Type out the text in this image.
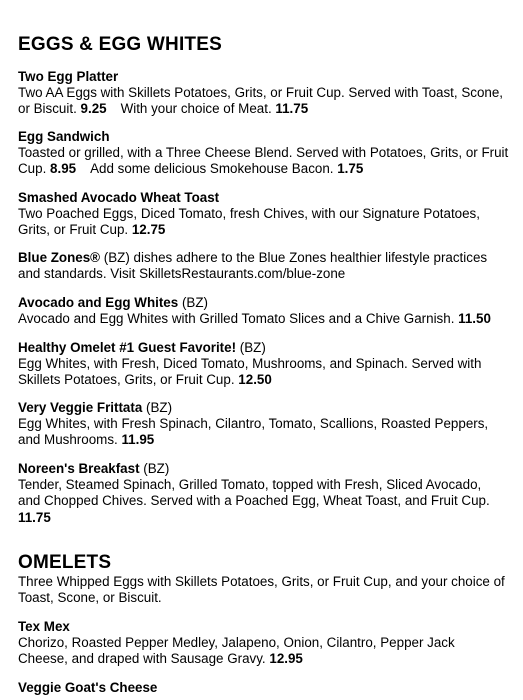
EGGS & EGG WHITES
Two Egg Platter
Two AA Eggs with Skillets Potatoes, Grits, or Fruit Cup. Served with Toast, Scone,
or Biscuit. 9.25 With your choice of Meat. 11.75
Egg Sandwich
Toasted or grilled, with a Three Cheese Blend. Served with Potatoes, Grits, or Fruit
Cup. 8.95 Add some delicious Smokehouse Bacon. 1.75
Smashed Avocado Wheat Toast
Two Poached Eggs, Diced Tomato, fresh Chives, with our Signature Potatoes,
Grits, or Fruit Cup. 12.75
Blue Zones® (BZ) dishes adhere to the Blue Zones healthier lifestyle practices
and standards. Visit SkilletsRestaurants.com/blue-zone
Avocado and Egg Whites (BZ)
Avocado and Egg Whites with Grilled Tomato Slices and a Chive Garnish. 11.50
Healthy Omelet #1 Guest Favorite! (BZ)
Egg Whites, with Fresh, Diced Tomato, Mushrooms, and Spinach. Served with
Skillets Potatoes, Grits, or Fruit Cup. 12.50
Very Veggie Frittata (BZ)
Egg Whites, with Fresh Spinach, Cilantro, Tomato, Scallions, Roasted Peppers,
and Mushrooms. 11.95
Noreen's Breakfast (BZ)
Tender, Steamed Spinach, Grilled Tomato, topped with Fresh, Sliced Avocado,
and Chopped Chives. Served with a Poached Egg, Wheat Toast, and Fruit Cup.
11.75
OMELETS
Three Whipped Eggs with Skillets Potatoes, Grits, or Fruit Cup, and your choice of
Toast, Scone, or Biscuit.
Tex Mex
Chorizo, Roasted Pepper Medley, Jalapeno, Onion, Cilantro, Pepper Jack
Cheese, and draped with Sausage Gravy. 12.95
Veggie Goat's Cheese
